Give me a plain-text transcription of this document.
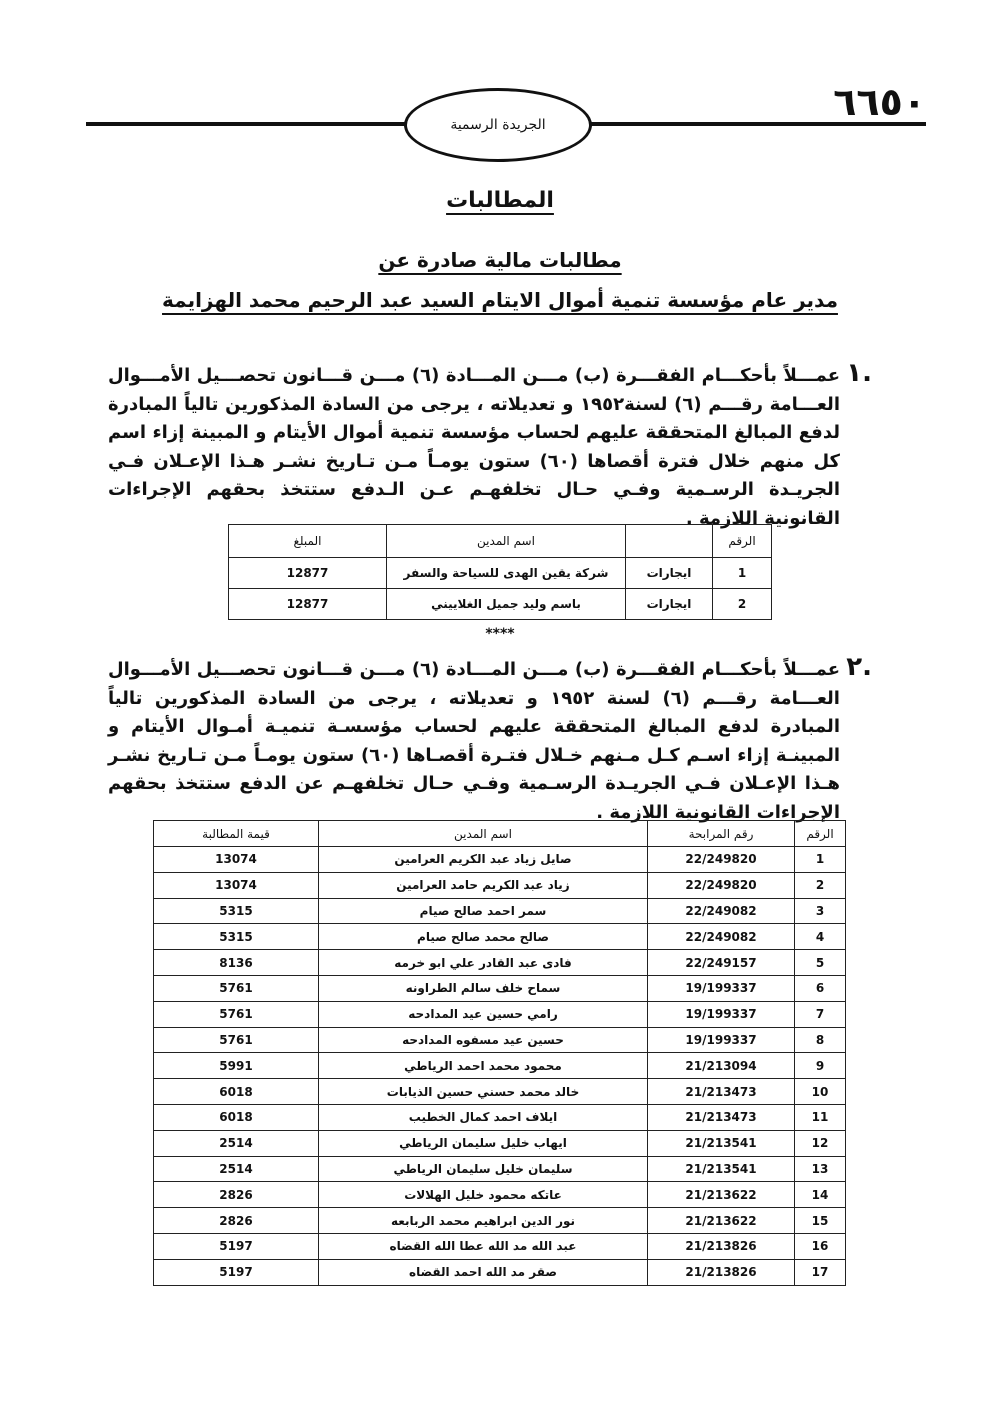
الجريدة الرسمية
٦٦٥٠
المطالبات
مطالبات مالية صادرة عن
مدير عام مؤسسة تنمية أموال الايتام السيد عبد الرحيم محمد الهزايمة
١.
عمـــلاً بأحكـــام الفقـــرة (ب) مـــن المـــادة (٦) مـــن قـــانون تحصـــيل الأمـــوال العـــامة رقـــم (٦) لسنة١٩٥٢ و تعديلاته ، يرجى من السادة المذكورين تالياً المبادرة لدفع المبالغ المتحققة عليهم لحساب مؤسسة تنمية أموال الأيتام و المبينة إزاء اسم كل منهم خلال فترة أقصاها (٦٠) ستون يومـاً مـن تـاريخ نشـر هـذا الإعـلان فـي الجريـدة الرسـمية وفـي حـال تخلفهـم عـن الـدفع ستتخذ بحقهم الإجراءات القانونية اللازمة .
الرقم		اسم المدين	المبلغ
1	ايجارات	شركة يقين الهدى للسياحة والسفر	12877
2	ايجارات	باسم وليد جميل الغلاييني	12877
****
٢.
عمـــلاً بأحكـــام الفقـــرة (ب) مـــن المـــادة (٦) مـــن قـــانون تحصـــيل الأمـــوال العـــامة رقـــم (٦) لسنة ١٩٥٢ و تعديلاته ، يرجى من السادة المذكورين تالياً المبادرة لدفع المبالغ المتحققة عليهم لحساب مؤسسـة تنميـة أمـوال الأيتام و المبينـة إزاء اسـم كـل مـنهم خـلال فتـرة أقصـاها (٦٠) ستون يومـاً مـن تـاريخ نشـر هـذا الإعـلان فـي الجريـدة الرسـمية وفـي حـال تخلفهـم عن الدفع ستتخذ بحقهم الإجراءات القانونية اللازمة .
الرقم	رقم المرابحة	اسم المدين	قيمة المطالبة
1	22/249820	صايل زياد عبد الكريم العرامين	13074
2	22/249820	زياد عبد الكريم حامد العرامين	13074
3	22/249082	سمر احمد صالح صيام	5315
4	22/249082	صالح محمد صالح صيام	5315
5	22/249157	فادى عبد القادر علي ابو خرمه	8136
6	19/199337	سماح خلف سالم الطراونه	5761
7	19/199337	رامي حسين عيد المدادحه	5761
8	19/199337	حسين عيد مسفوه المدادحه	5761
9	21/213094	محمود محمد احمد الرياطي	5991
10	21/213473	خالد محمد حسني حسين الذيابات	6018
11	21/213473	ايلاف احمد كمال الخطيب	6018
12	21/213541	ايهاب خليل سليمان الرياطي	2514
13	21/213541	سليمان خليل سليمان الرياطي	2514
14	21/213622	عاتكه محمود خليل الهلالات	2826
15	21/213622	نور الدين ابراهيم محمد الربابعه	2826
16	21/213826	عبد الله مد الله عطا الله القضاه	5197
17	21/213826	صقر مد الله احمد القضاه	5197
